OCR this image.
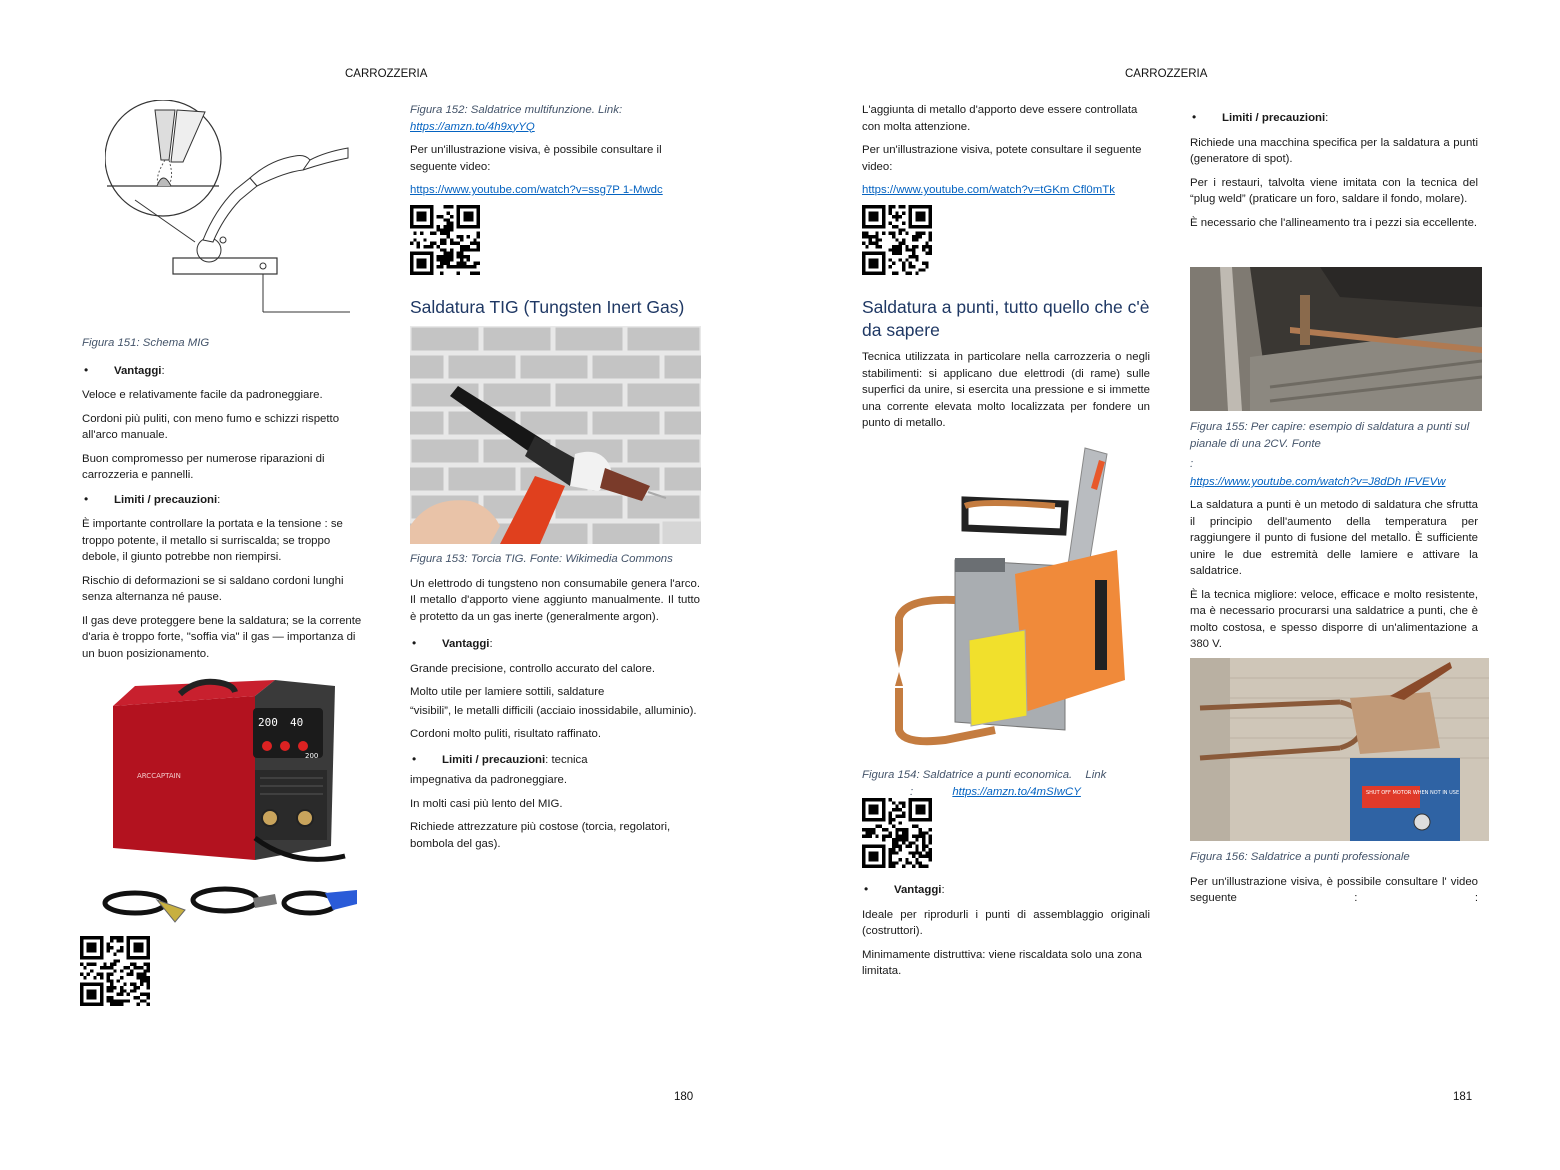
CARROZZERIA

Figura 151: Schema MIG

•	Vantaggi:

Veloce e relativamente facile da padroneggiare.

Cordoni più puliti, con meno fumo e schizzi rispetto all'arco manuale.

Buon compromesso per numerose riparazioni di carrozzeria e pannelli.

•	Limiti / precauzioni:

È importante controllare la portata e la tensione : se troppo potente, il metallo si surriscalda; se troppo debole, il giunto potrebbe non riempirsi.

Rischio di deformazioni se si saldano cordoni lunghi senza alternanza né pause.

Il gas deve proteggere bene la saldatura; se la corrente d'aria è troppo forte, "soffia via" il gas — importanza di un buon posizionamento.

200 40
200
ARCCAPTAIN

Figura 152: Saldatrice multifunzione. Link:
https://amzn.to/4h9xyYQ

Per un'illustrazione visiva, è possibile consultare il seguente video:

https://www.youtube.com/watch?v=ssg7P 1-Mwdc

Saldatura TIG (Tungsten Inert Gas)

Figura 153: Torcia TIG. Fonte: Wikimedia Commons

Un elettrodo di tungsteno non consumabile genera l'arco. Il metallo d'apporto viene aggiunto manualmente. Il tutto è protetto da un gas inerte (generalmente argon).

•	Vantaggi:

Grande precisione, controllo accurato del calore.

Molto utile per lamiere sottili, saldature

“visibili”, le metalli difficili (acciaio inossidabile, alluminio).

Cordoni molto puliti, risultato raffinato.

•	Limiti / precauzioni: tecnica

impegnativa da padroneggiare.

In molti casi più lento del MIG.

Richiede attrezzature più costose (torcia, regolatori, bombola del gas).

180
CARROZZERIA

L'aggiunta di metallo d'apporto deve essere controllata con molta attenzione.

Per un'illustrazione visiva, potete consultare il seguente video:

https://www.youtube.com/watch?v=tGKm Cfl0mTk

Saldatura a punti, tutto quello che c'è da sapere

Tecnica utilizzata in particolare nella carrozzeria o negli stabilimenti: si applicano due elettrodi (di rame) sulle superfici da unire, si esercita una pressione e si immette una corrente elevata molto localizzata per fondere un punto di metallo.

Figura 154: Saldatrice a punti economica. Link
:	https://amzn.to/4mSIwCY

•	Vantaggi:

Ideale per riprodurli i punti di assemblaggio originali (costruttori).

Minimamente distruttiva: viene riscaldata solo una zona limitata.

•	Limiti / precauzioni:

Richiede una macchina specifica per la saldatura a punti (generatore di spot).

Per i restauri, talvolta viene imitata con la tecnica del “plug weld” (praticare un foro, saldare il fondo, molare).

È necessario che l'allineamento tra i pezzi sia eccellente.

Figura 155: Per capire: esempio di saldatura a punti sul pianale di una 2CV. Fonte

:

https://www.youtube.com/watch?v=J8dDh IFVEVw

La saldatura a punti è un metodo di saldatura che sfrutta il principio dell'aumento della temperatura per raggiungere il punto di fusione del metallo. È sufficiente unire le due estremità delle lamiere e attivare la saldatrice.

È la tecnica migliore: veloce, efficace e molto resistente, ma è necessario procurarsi una saldatrice a punti, che è molto costosa, e spesso disporre di un'alimentazione a 380 V.

SHUT OFF MOTOR WHEN NOT IN USE

Figura 156: Saldatrice a punti professionale

Per un'illustrazione visiva, è possibile consultare l' video seguente : :

181
